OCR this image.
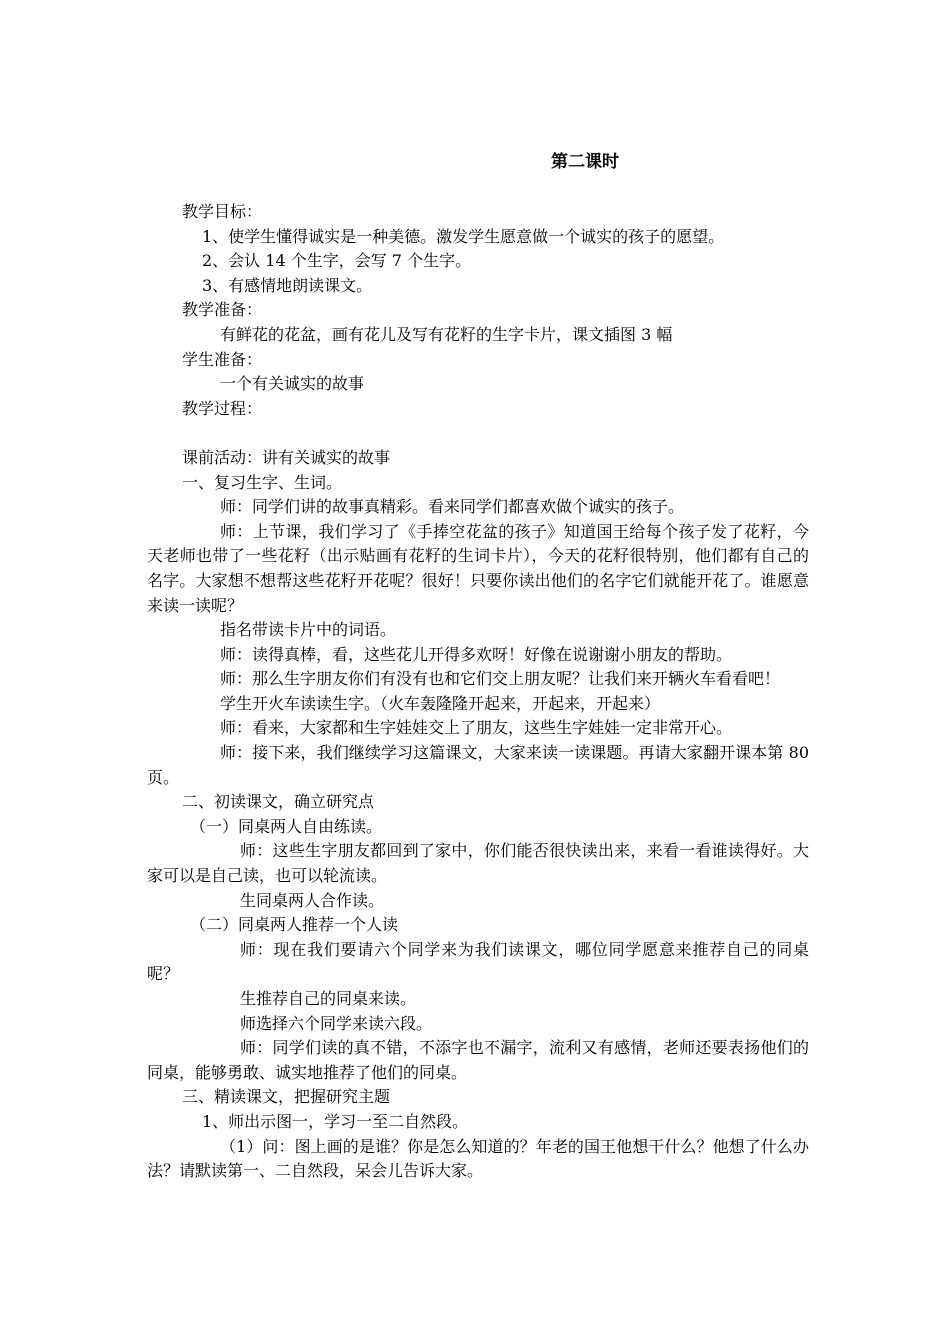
第二课时

教学目标：

1、使学生懂得诚实是一种美德。激发学生愿意做一个诚实的孩子的愿望。

2、会认 14 个生字，会写 7 个生字。

3、有感情地朗读课文。

教学准备：

有鲜花的花盆，画有花儿及写有花籽的生字卡片，课文插图 3 幅

学生准备：

一个有关诚实的故事

教学过程：

课前活动：讲有关诚实的故事

一、复习生字、生词。

师：同学们讲的故事真精彩。看来同学们都喜欢做个诚实的孩子。

师：上节课，我们学习了《手捧空花盆的孩子》知道国王给每个孩子发了花籽，今天老师也带了一些花籽（出示贴画有花籽的生词卡片），今天的花籽很特别，他们都有自己的名字。大家想不想帮这些花籽开花呢？很好！只要你读出他们的名字它们就能开花了。谁愿意来读一读呢？

指名带读卡片中的词语。

师：读得真棒，看，这些花儿开得多欢呀！好像在说谢谢小朋友的帮助。

师：那么生字朋友你们有没有也和它们交上朋友呢？让我们来开辆火车看看吧！

学生开火车读读生字。（火车轰隆隆开起来，开起来，开起来）

师：看来，大家都和生字娃娃交上了朋友，这些生字娃娃一定非常开心。

师：接下来，我们继续学习这篇课文，大家来读一读课题。再请大家翻开课本第 80 页。

二、初读课文，确立研究点

（一）同桌两人自由练读。

师：这些生字朋友都回到了家中，你们能否很快读出来，来看一看谁读得好。大家可以是自己读，也可以轮流读。

生同桌两人合作读。

（二）同桌两人推荐一个人读

师：现在我们要请六个同学来为我们读课文，哪位同学愿意来推荐自己的同桌呢？

生推荐自己的同桌来读。

师选择六个同学来读六段。

师：同学们读的真不错，不添字也不漏字，流利又有感情，老师还要表扬他们的同桌，能够勇敢、诚实地推荐了他们的同桌。

三、精读课文，把握研究主题

1、师出示图一，学习一至二自然段。

（1）问：图上画的是谁？你是怎么知道的？年老的国王他想干什么？他想了什么办法？请默读第一、二自然段，呆会儿告诉大家。
